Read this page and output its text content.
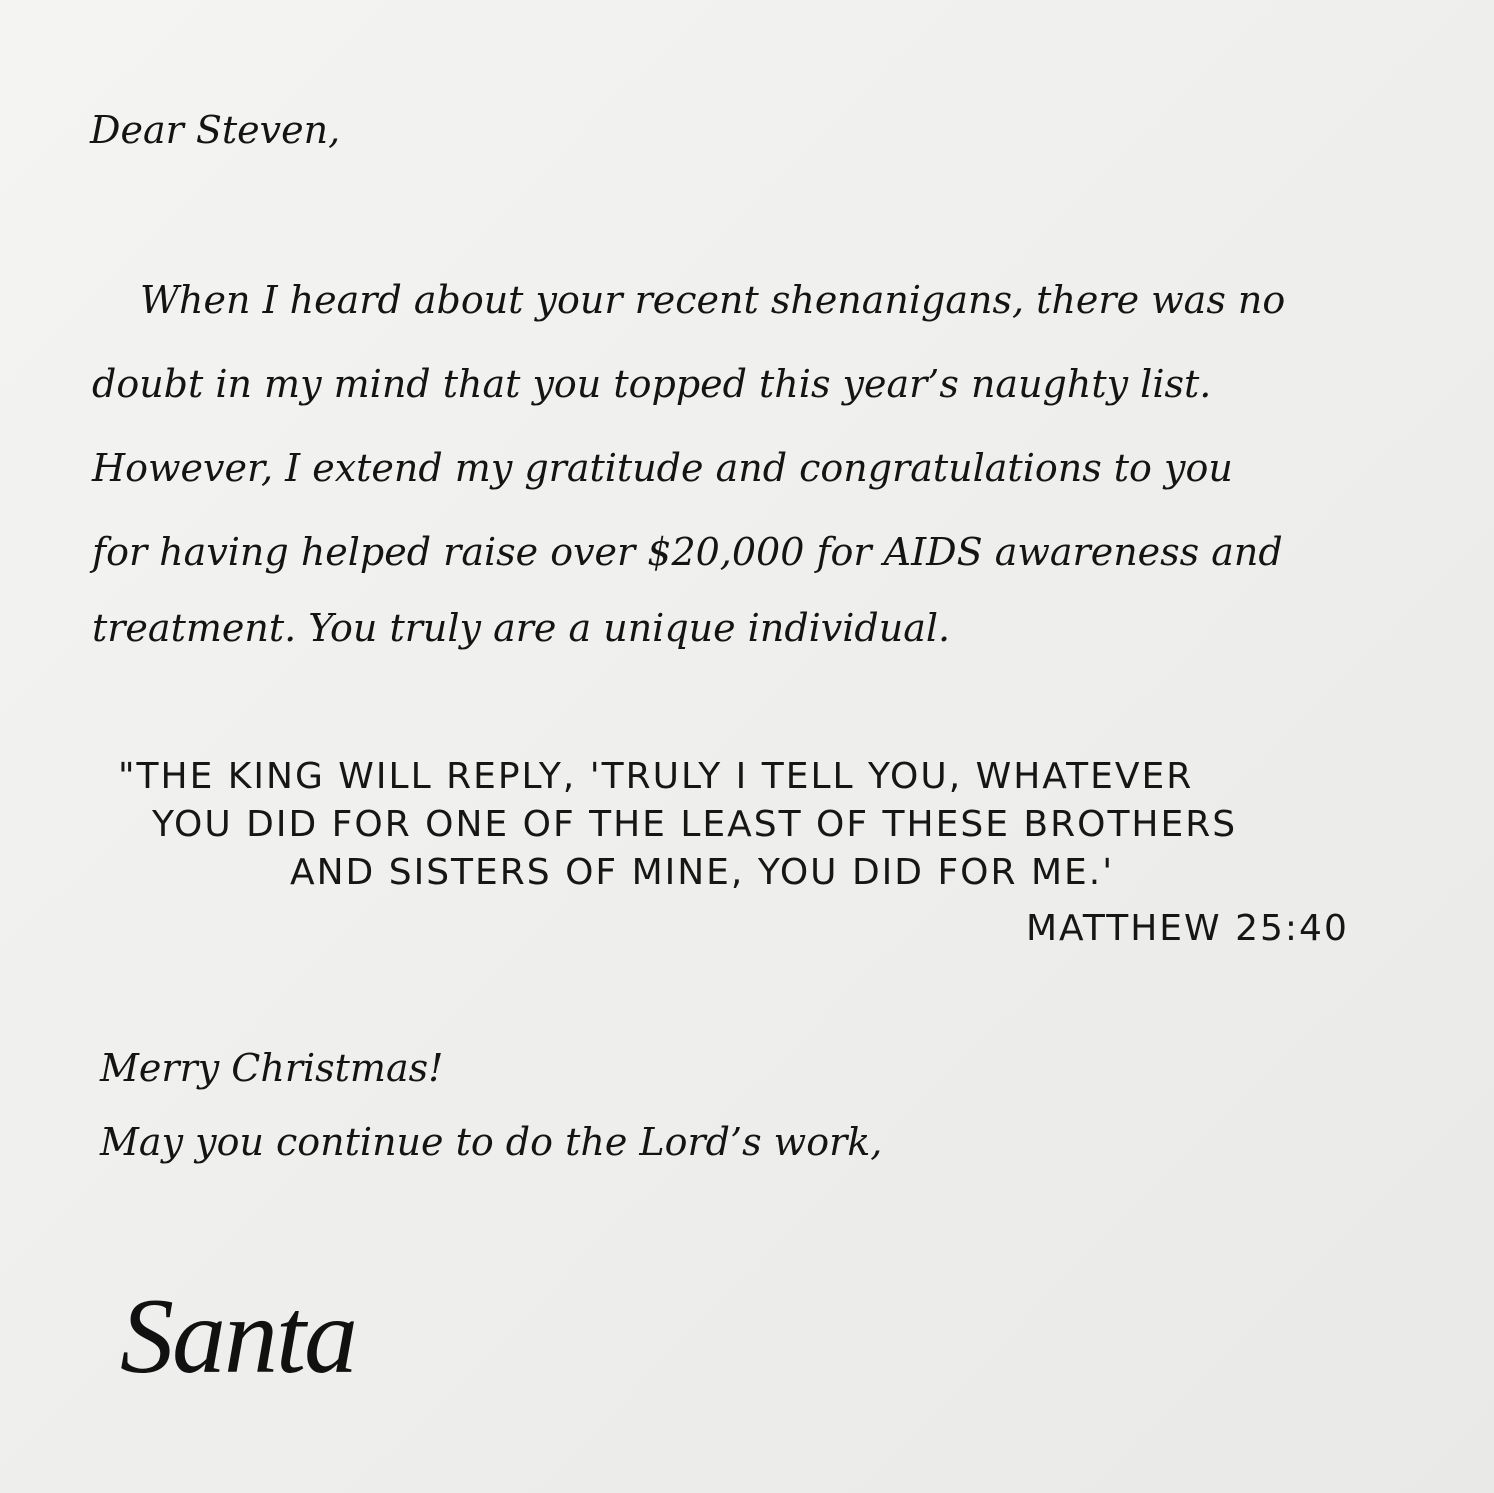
Dear Steven,

When I heard about your recent shenanigans, there was no

doubt in my mind that you topped this year’s naughty list.

However, I extend my gratitude and congratulations to you

for having helped raise over $20,000 for AIDS awareness and

treatment. You truly are a unique individual.

"THE KING WILL REPLY, 'TRULY I TELL YOU, WHATEVER

YOU DID FOR ONE OF THE LEAST OF THESE BROTHERS

AND SISTERS OF MINE, YOU DID FOR ME.'

MATTHEW 25:40

Merry Christmas!

May you continue to do the Lord’s work,

Santa
